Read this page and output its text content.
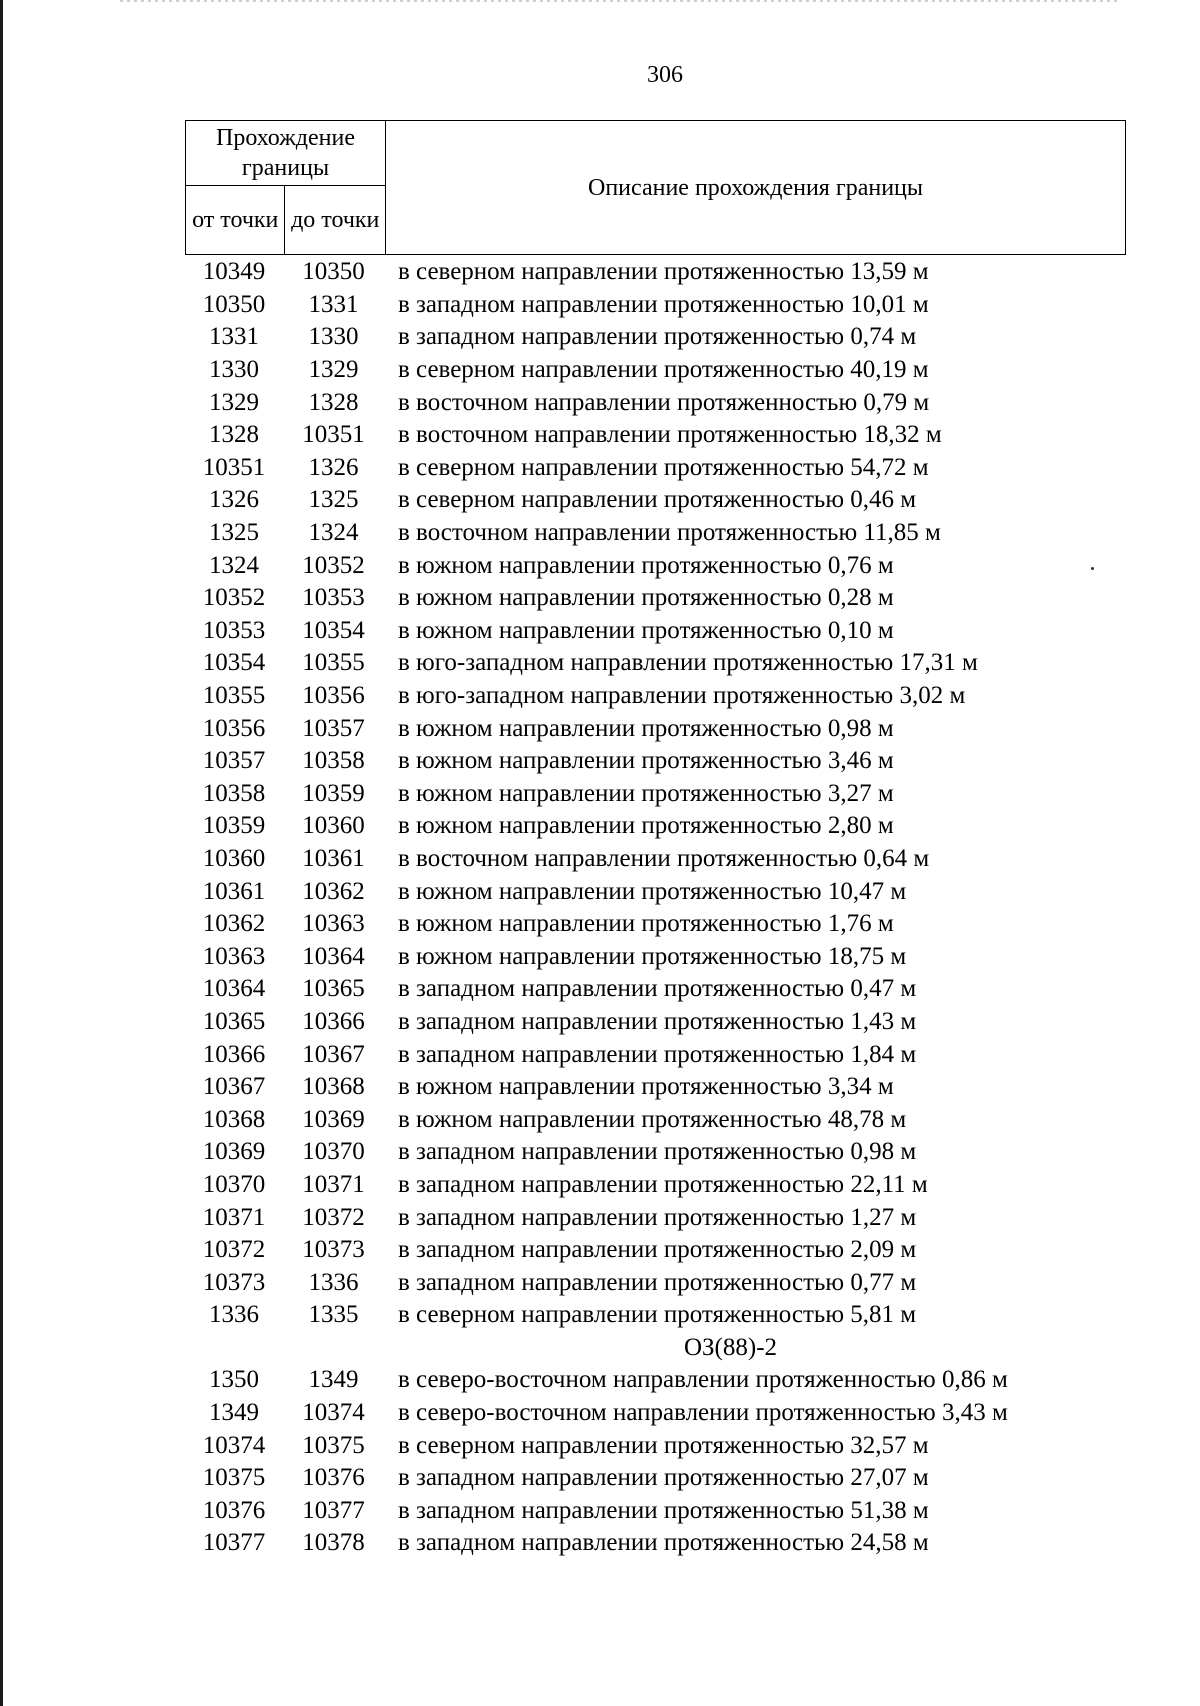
306
Прохождение границы		Описание прохождения границы
от точки	до точки	
10349	10350	в северном направлении протяженностью 13,59 м
10350	1331	в западном направлении протяженностью 10,01 м
1331	1330	в западном направлении протяженностью 0,74 м
1330	1329	в северном направлении протяженностью 40,19 м
1329	1328	в восточном направлении протяженностью 0,79 м
1328	10351	в восточном направлении протяженностью 18,32 м
10351	1326	в северном направлении протяженностью 54,72 м
1326	1325	в северном направлении протяженностью 0,46 м
1325	1324	в восточном направлении протяженностью 11,85 м
1324	10352	в южном направлении протяженностью 0,76 м
10352	10353	в южном направлении протяженностью 0,28 м
10353	10354	в южном направлении протяженностью 0,10 м
10354	10355	в юго-западном направлении протяженностью 17,31 м
10355	10356	в юго-западном направлении протяженностью 3,02 м
10356	10357	в южном направлении протяженностью 0,98 м
10357	10358	в южном направлении протяженностью 3,46 м
10358	10359	в южном направлении протяженностью 3,27 м
10359	10360	в южном направлении протяженностью 2,80 м
10360	10361	в восточном направлении протяженностью 0,64 м
10361	10362	в южном направлении протяженностью 10,47 м
10362	10363	в южном направлении протяженностью 1,76 м
10363	10364	в южном направлении протяженностью 18,75 м
10364	10365	в западном направлении протяженностью 0,47 м
10365	10366	в западном направлении протяженностью 1,43 м
10366	10367	в западном направлении протяженностью 1,84 м
10367	10368	в южном направлении протяженностью 3,34 м
10368	10369	в южном направлении протяженностью 48,78 м
10369	10370	в западном направлении протяженностью 0,98 м
10370	10371	в западном направлении протяженностью 22,11 м
10371	10372	в западном направлении протяженностью 1,27 м
10372	10373	в западном направлении протяженностью 2,09 м
10373	1336	в западном направлении протяженностью 0,77 м
1336	1335	в северном направлении протяженностью 5,81 м
ОЗ(88)-2
1350	1349	в северо-восточном направлении протяженностью 0,86 м
1349	10374	в северо-восточном направлении протяженностью 3,43 м
10374	10375	в северном направлении протяженностью 32,57 м
10375	10376	в западном направлении протяженностью 27,07 м
10376	10377	в западном направлении протяженностью 51,38 м
10377	10378	в западном направлении протяженностью 24,58 м
